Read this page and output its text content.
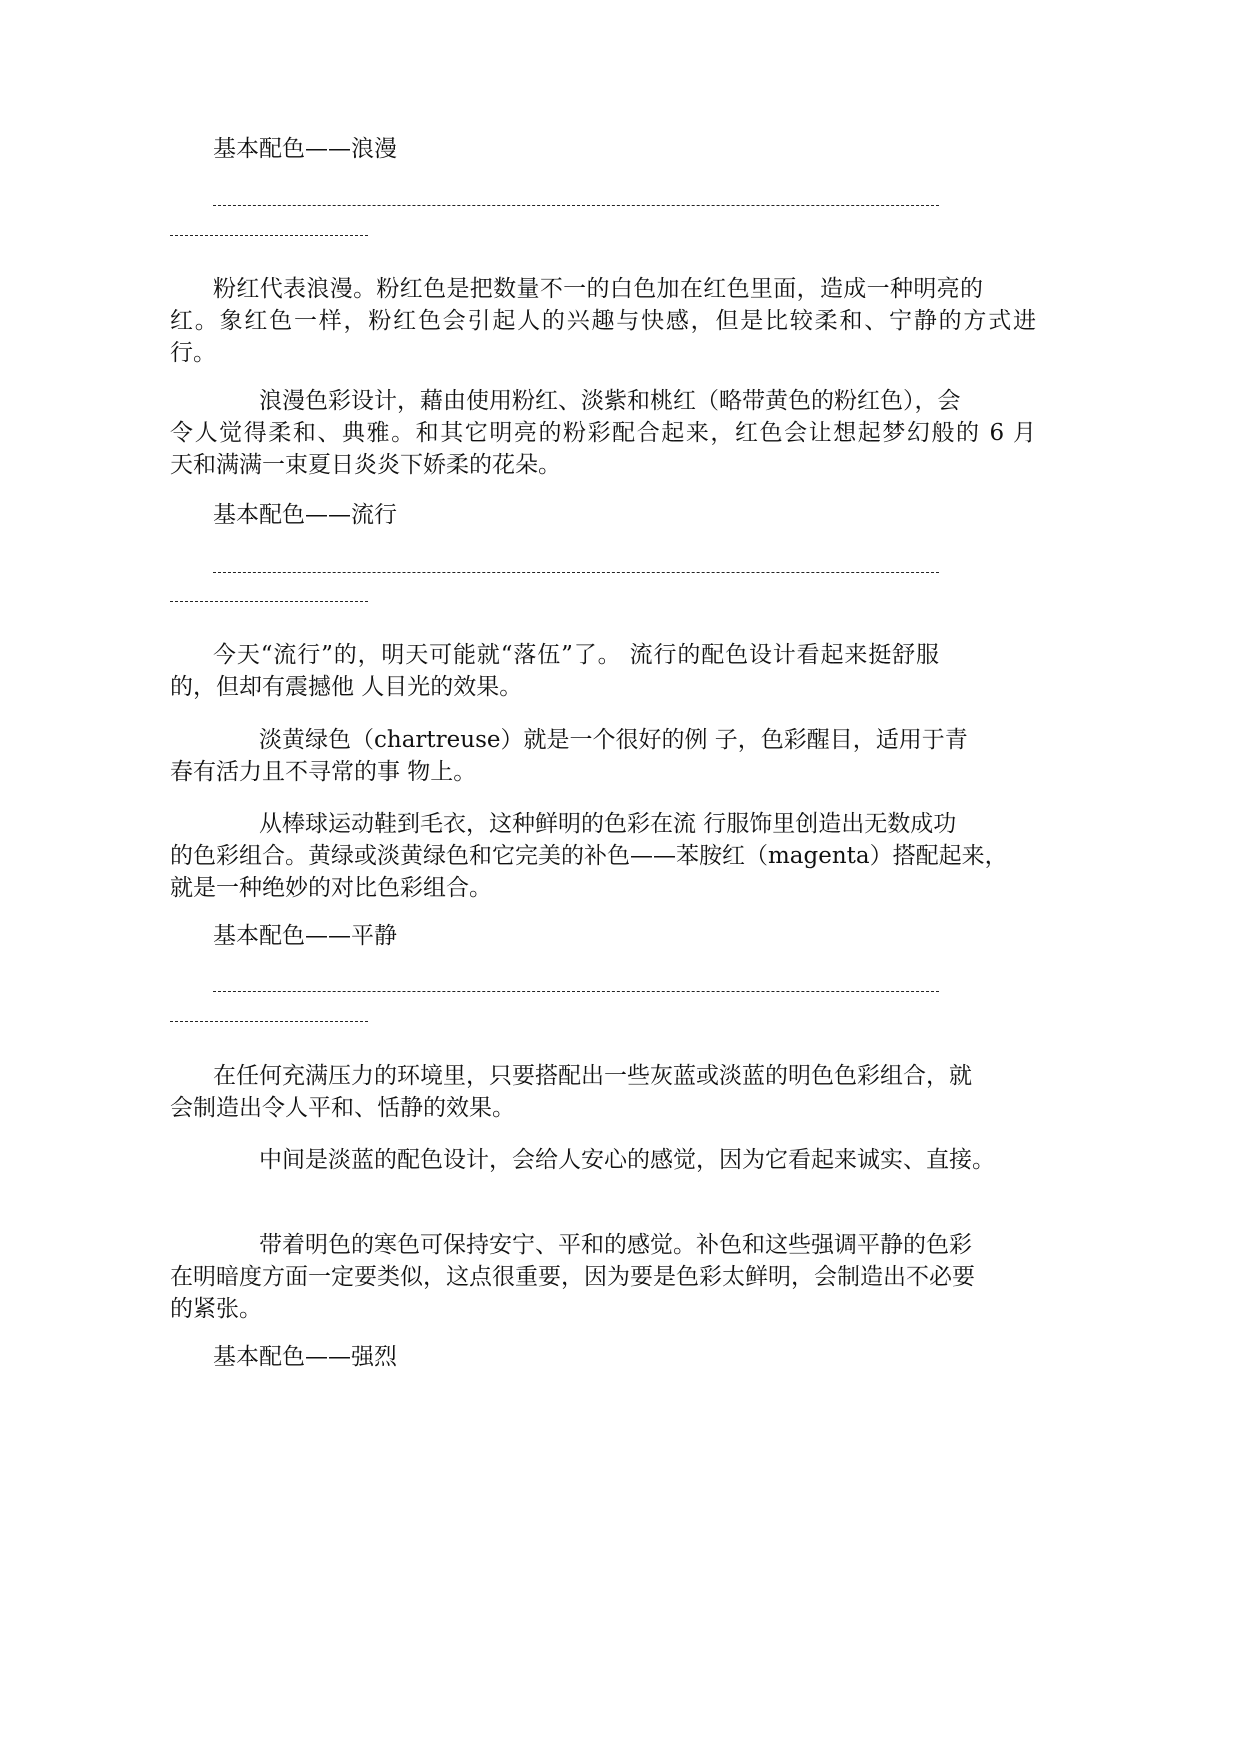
基本配色——浪漫

粉红代表浪漫。粉红色是把数量不一的白色加在红色里面，造成一种明亮的

红。象红色一样，粉红色会引起人的兴趣与快感，但是比较柔和、宁静的方式进

行。

浪漫色彩设计，藉由使用粉红、淡紫和桃红（略带黄色的粉红色），会

令人觉得柔和、典雅。和其它明亮的粉彩配合起来，红色会让想起梦幻般的 6 月

天和满满一束夏日炎炎下娇柔的花朵。

基本配色——流行

今天“流行”的，明天可能就“落伍”了。 流行的配色设计看起来挺舒服

的，但却有震撼他 人目光的效果。

淡黄绿色（chartreuse）就是一个很好的例 子，色彩醒目，适用于青

春有活力且不寻常的事 物上。

从棒球运动鞋到毛衣，这种鲜明的色彩在流 行服饰里创造出无数成功

的色彩组合。黄绿或淡黄绿色和它完美的补色——苯胺红（magenta）搭配起来，

就是一种绝妙的对比色彩组合。

基本配色——平静

在任何充满压力的环境里，只要搭配出一些灰蓝或淡蓝的明色色彩组合，就

会制造出令人平和、恬静的效果。

中间是淡蓝的配色设计，会给人安心的感觉，因为它看起来诚实、直接。

带着明色的寒色可保持安宁、平和的感觉。补色和这些强调平静的色彩

在明暗度方面一定要类似，这点很重要，因为要是色彩太鲜明，会制造出不必要

的紧张。

基本配色——强烈
